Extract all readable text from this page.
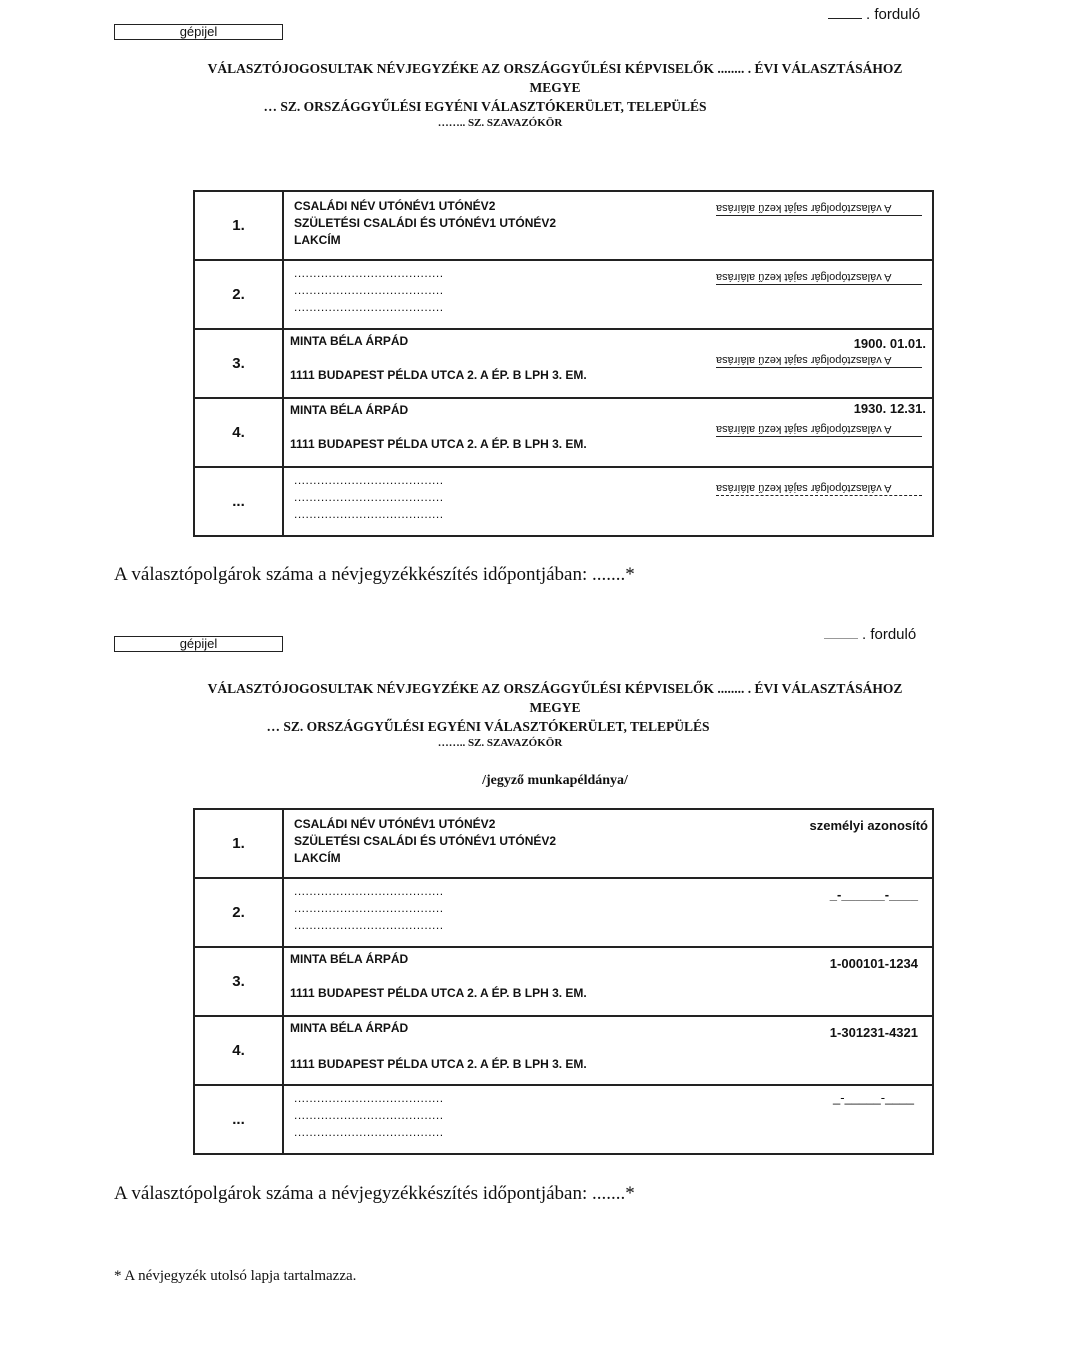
gépijel
. forduló
VÁLASZTÓJOGOSULTAK NÉVJEGYZÉKE AZ ORSZÁGGYŰLÉSI KÉPVISELŐK ........ . ÉVI VÁLASZTÁSÁHOZ
MEGYE
… SZ. ORSZÁGGYŰLÉSI EGYÉNI VÁLASZTÓKERÜLET, TELEPÜLÉS
…….. SZ. SZAVAZÓKÖR
1.	CSALÁDI NÉV UTÓNÉV1 UTÓNÉV2
SZÜLETÉSI CSALÁDI ÉS UTÓNÉV1 UTÓNÉV2
LAKCÍM
A választópolgár saját kezű aláírása

2.	.......................................
.......................................
.......................................
A választópolgár saját kezű aláírása

3.	MINTA BÉLA ÁRPÁD
1111 BUDAPEST PÉLDA UTCA 2. A ÉP. B LPH 3. EM.
1900. 01.01.
A választópolgár saját kezű aláírása

4.	MINTA BÉLA ÁRPÁD
1111 BUDAPEST PÉLDA UTCA 2. A ÉP. B LPH 3. EM.
1930. 12.31.
A választópolgár saját kezű aláírása

...	.......................................
.......................................
.......................................
A választópolgár saját kezű aláírása
A választópolgárok száma a névjegyzékkészítés időpontjában: .......*
gépijel
. forduló
VÁLASZTÓJOGOSULTAK NÉVJEGYZÉKE AZ ORSZÁGGYŰLÉSI KÉPVISELŐK ........ . ÉVI VÁLASZTÁSÁHOZ
MEGYE
… SZ. ORSZÁGGYŰLÉSI EGYÉNI VÁLASZTÓKERÜLET, TELEPÜLÉS
…….. SZ. SZAVAZÓKÖR
/jegyző munkapéldánya/
1.	CSALÁDI NÉV UTÓNÉV1 UTÓNÉV2
SZÜLETÉSI CSALÁDI ÉS UTÓNÉV1 UTÓNÉV2
LAKCÍM
személyi azonosító

2.	.......................................
.......................................
.......................................
_-______-____

3.	MINTA BÉLA ÁRPÁD
1111 BUDAPEST PÉLDA UTCA 2. A ÉP. B LPH 3. EM.
1-000101-1234

4.	MINTA BÉLA ÁRPÁD
1111 BUDAPEST PÉLDA UTCA 2. A ÉP. B LPH 3. EM.
1-301231-4321

...	.......................................
.......................................
.......................................
_-_____-____
A választópolgárok száma a névjegyzékkészítés időpontjában: .......*
* A névjegyzék utolsó lapja tartalmazza.
